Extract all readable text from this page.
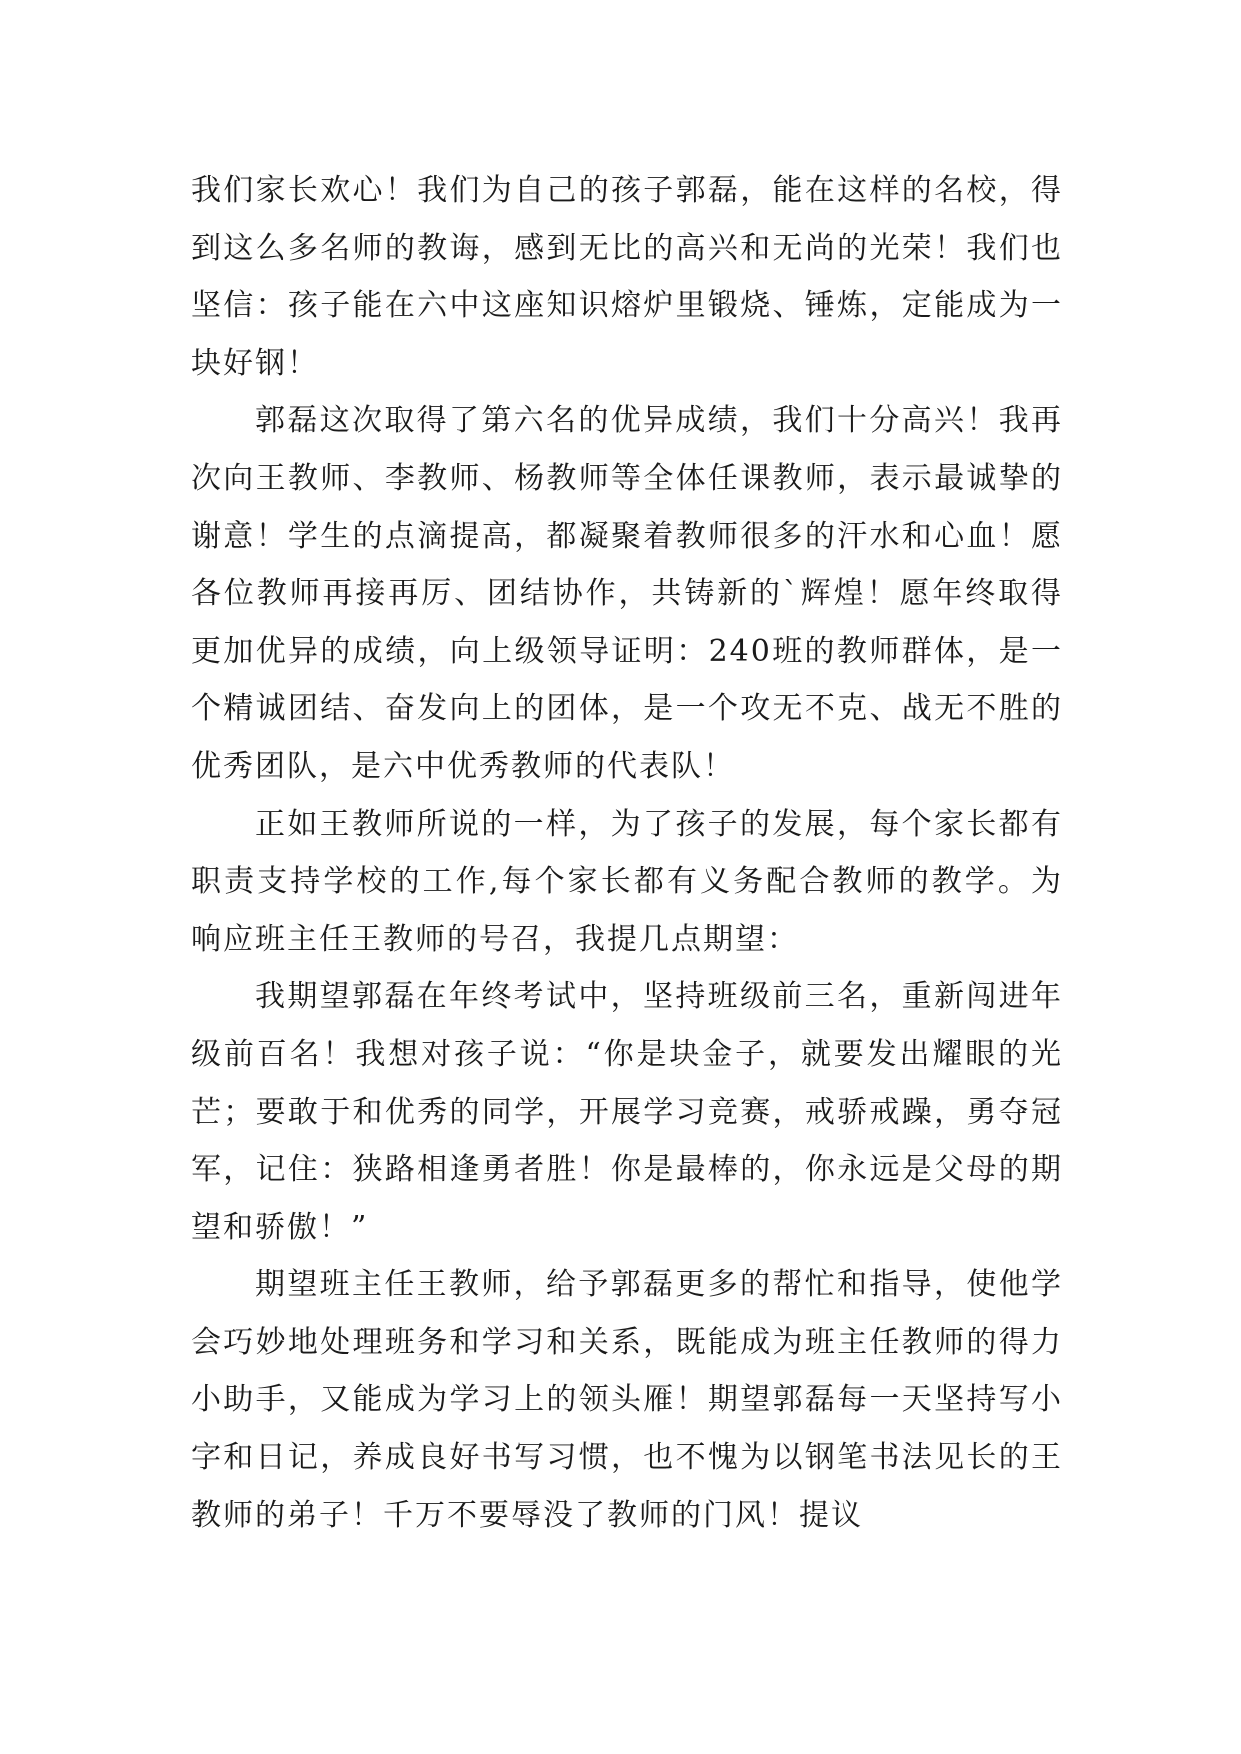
我们家长欢心！我们为自己的孩子郭磊，能在这样的名校，得到这么多名师的教诲，感到无比的高兴和无尚的光荣！我们也坚信：孩子能在六中这座知识熔炉里锻烧、锤炼，定能成为一块好钢！

郭磊这次取得了第六名的优异成绩，我们十分高兴！我再次向王教师、李教师、杨教师等全体任课教师，表示最诚挚的谢意！学生的点滴提高，都凝聚着教师很多的汗水和心血！愿各位教师再接再厉、团结协作，共铸新的`辉煌！愿年终取得更加优异的成绩，向上级领导证明：240班的教师群体，是一个精诚团结、奋发向上的团体，是一个攻无不克、战无不胜的优秀团队，是六中优秀教师的代表队！

正如王教师所说的一样，为了孩子的发展，每个家长都有职责支持学校的工作,每个家长都有义务配合教师的教学。为响应班主任王教师的号召，我提几点期望：

我期望郭磊在年终考试中，坚持班级前三名，重新闯进年级前百名！我想对孩子说：“你是块金子，就要发出耀眼的光芒；要敢于和优秀的同学，开展学习竞赛，戒骄戒躁，勇夺冠军，记住：狭路相逢勇者胜！你是最棒的，你永远是父母的期望和骄傲！”

期望班主任王教师，给予郭磊更多的帮忙和指导，使他学会巧妙地处理班务和学习和关系，既能成为班主任教师的得力小助手，又能成为学习上的领头雁！期望郭磊每一天坚持写小字和日记，养成良好书写习惯，也不愧为以钢笔书法见长的王教师的弟子！千万不要辱没了教师的门风！提议
